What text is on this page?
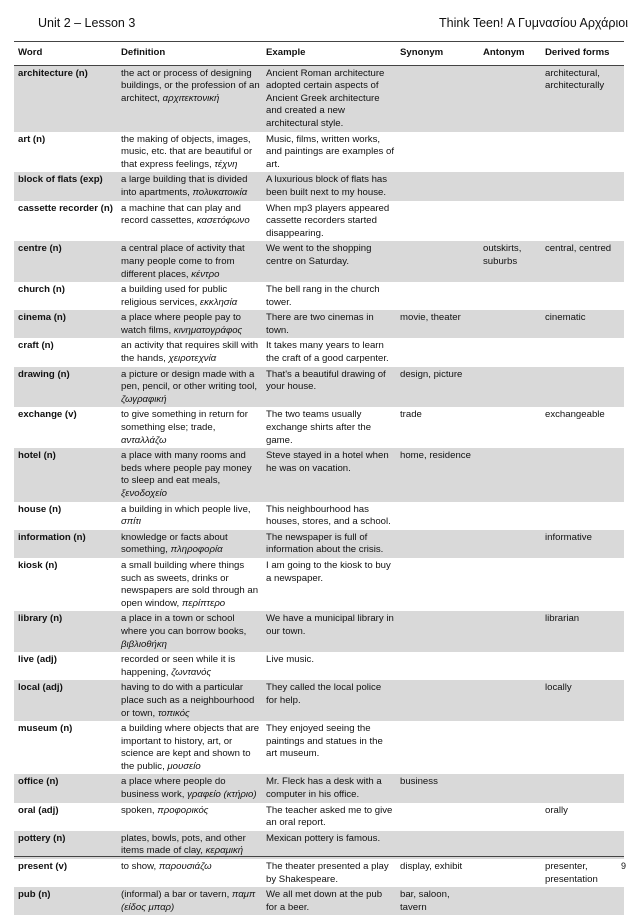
Unit 2 – Lesson 3	Think Teen! Α Γυμνασίου Αρχάριοι
Word	Definition	Example	Synonym	Antonym	Derived forms
architecture (n)	the act or process of designing buildings, or the profession of an architect, αρχιτεκτονική	Ancient Roman architecture adopted certain aspects of Ancient Greek architecture and created a new architectural style.			architectural, architecturally
art (n)	the making of objects, images, music, etc. that are beautiful or that express feelings, τέχνη	Music, films, written works, and paintings are examples of art.			
block of flats (exp)	a large building that is divided into apartments, πολυκατοικία	A luxurious block of flats has been built next to my house.			
cassette recorder (n)	a machine that can play and record cassettes, κασετόφωνο	When mp3 players appeared cassette recorders started disappearing.			
centre (n)	a central place of activity that many people come to from different places, κέντρο	We went to the shopping centre on Saturday.		outskirts, suburbs	central, centred
church (n)	a building used for public religious services, εκκλησία	The bell rang in the church tower.			
cinema (n)	a place where people pay to watch films, κινηματογράφος	There are two cinemas in town.	movie, theater		cinematic
craft (n)	an activity that requires skill with the hands, χειροτεχνία	It takes many years to learn the craft of a good carpenter.			
drawing (n)	a picture or design made with a pen, pencil, or other writing tool, ζωγραφική	That's a beautiful drawing of your house.	design, picture		
exchange (v)	to give something in return for something else; trade, ανταλλάζω	The two teams usually exchange shirts after the game.	trade		exchangeable
hotel (n)	a place with many rooms and beds where people pay money to sleep and eat meals, ξενοδοχείο	Steve stayed in a hotel when he was on vacation.	home, residence		
house (n)	a building in which people live, σπίτι	This neighbourhood has houses, stores, and a school.			
information (n)	knowledge or facts about something, πληροφορία	The newspaper is full of information about the crisis.			informative
kiosk (n)	a small building where things such as sweets, drinks or newspapers are sold through an open window, περίπτερο	I am going to the kiosk to buy a newspaper.			
library (n)	a place in a town or school where you can borrow books, βιβλιοθήκη	We have a municipal library in our town.			librarian
live (adj)	recorded or seen while it is happening, ζωντανός	Live music.			
local (adj)	having to do with a particular place such as a neighbourhood or town, τοπικός	They called the local police for help.			locally
museum (n)	a building where objects that are important to history, art, or science are kept and shown to the public, μουσείο	They enjoyed seeing the paintings and statues in the art museum.			
office (n)	a place where people do business work, γραφείο (κτήριο)	Mr. Fleck has a desk with a computer in his office.	business		
oral (adj)	spoken, προφορικός	The teacher asked me to give an oral report.			orally
pottery (n)	plates, bowls, pots, and other items made of clay, κεραμική	Mexican pottery is famous.			
present (v)	to show, παρουσιάζω	The theater presented a play by Shakespeare.	display, exhibit		presenter, presentation
pub (n)	(informal) a bar or tavern, παμπ (είδος μπαρ)	We all met down at the pub for a beer.	bar, saloon, tavern		
9
